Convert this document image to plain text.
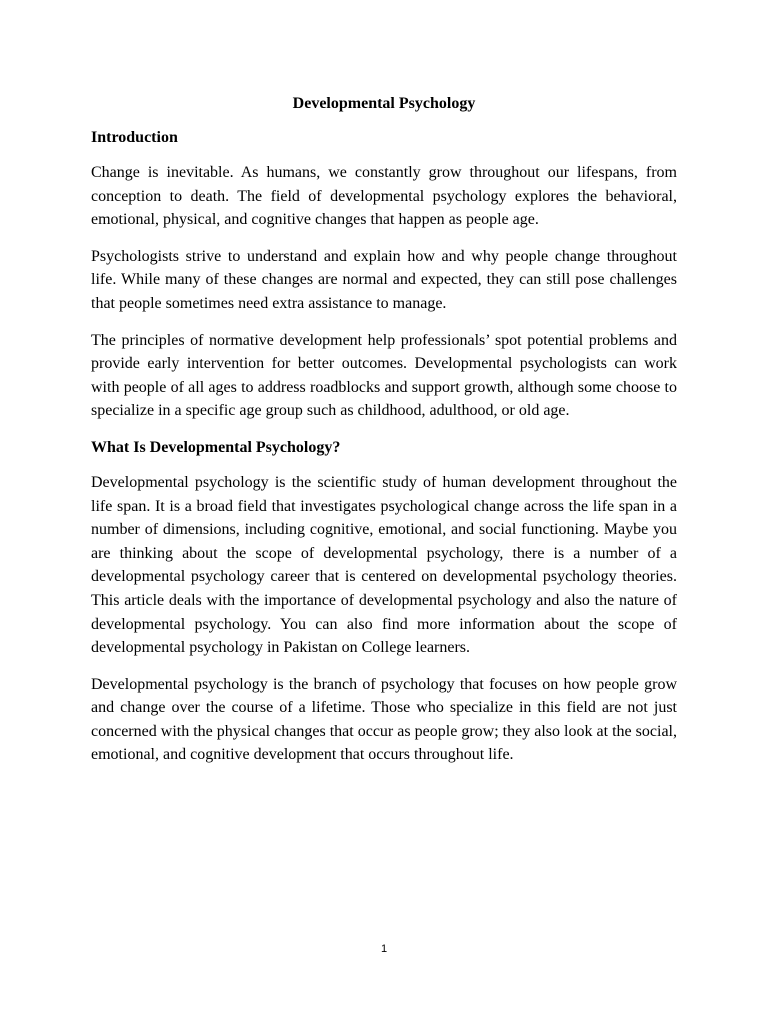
Developmental Psychology
Introduction

Change is inevitable. As humans, we constantly grow throughout our lifespans, from conception to death. The field of developmental psychology explores the behavioral, emotional, physical, and cognitive changes that happen as people age.

Psychologists strive to understand and explain how and why people change throughout life. While many of these changes are normal and expected, they can still pose challenges that people sometimes need extra assistance to manage.

The principles of normative development help professionals’ spot potential problems and provide early intervention for better outcomes. Developmental psychologists can work with people of all ages to address roadblocks and support growth, although some choose to specialize in a specific age group such as childhood, adulthood, or old age.

What Is Developmental Psychology?

Developmental psychology is the scientific study of human development throughout the life span. It is a broad field that investigates psychological change across the life span in a number of dimensions, including cognitive, emotional, and social functioning. Maybe you are thinking about the scope of developmental psychology, there is a number of a developmental psychology career that is centered on developmental psychology theories. This article deals with the importance of developmental psychology and also the nature of developmental psychology. You can also find more information about the scope of developmental psychology in Pakistan on College learners.

Developmental psychology is the branch of psychology that focuses on how people grow and change over the course of a lifetime. Those who specialize in this field are not just concerned with the physical changes that occur as people grow; they also look at the social, emotional, and cognitive development that occurs throughout life.

1
